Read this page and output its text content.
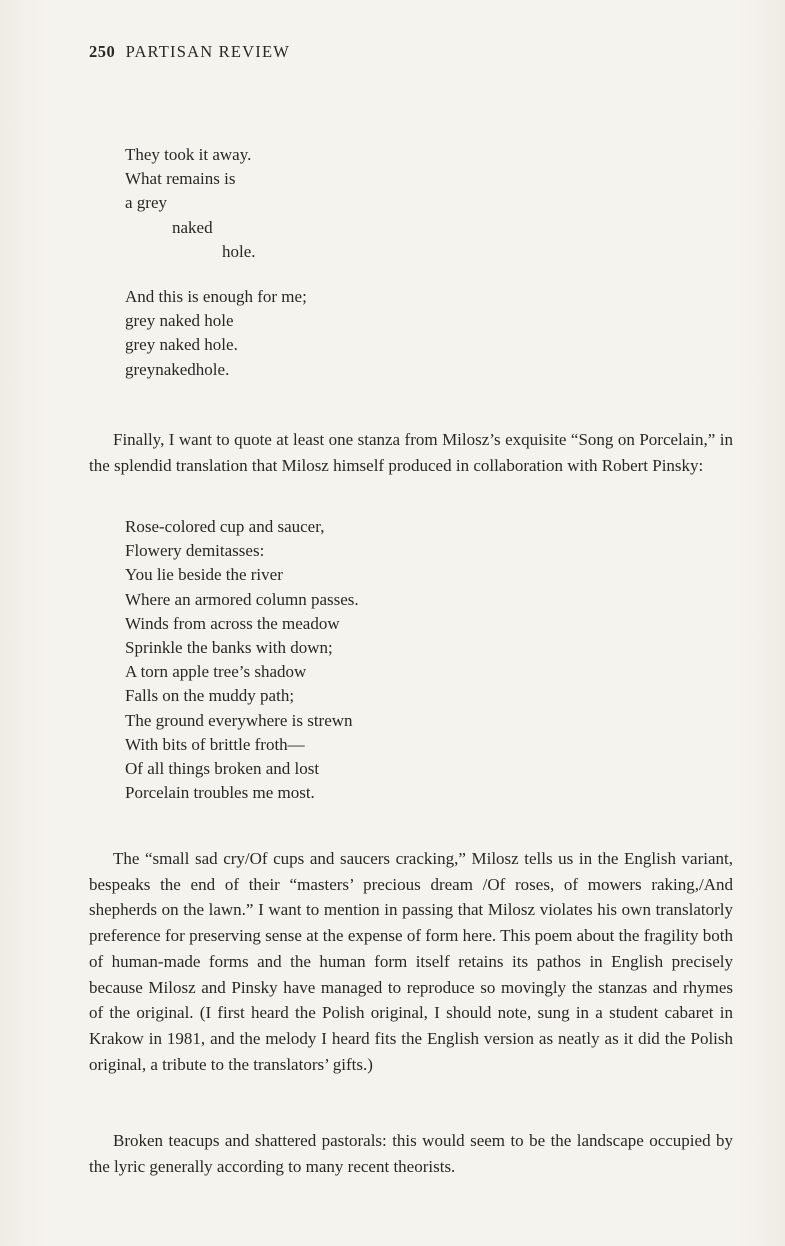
250 PARTISAN REVIEW
They took it away.
What remains is
a grey
naked
hole.
And this is enough for me;
grey naked hole
grey naked hole.
greynakedhole.

Finally, I want to quote at least one stanza from Milosz’s exquisite “Song on Porcelain,” in the splendid translation that Milosz himself produced in collaboration with Robert Pinsky:

Rose-colored cup and saucer,
Flowery demitasses:
You lie beside the river
Where an armored column passes.
Winds from across the meadow
Sprinkle the banks with down;
A torn apple tree’s shadow
Falls on the muddy path;
The ground everywhere is strewn
With bits of brittle froth—
Of all things broken and lost
Porcelain troubles me most.

The “small sad cry/Of cups and saucers cracking,” Milosz tells us in the English variant, bespeaks the end of their “masters’ precious dream /Of roses, of mowers raking,/And shepherds on the lawn.” I want to mention in passing that Milosz violates his own translatorly preference for preserving sense at the expense of form here. This poem about the fragility both of human-made forms and the human form itself retains its pathos in English precisely because Milosz and Pinsky have managed to reproduce so movingly the stanzas and rhymes of the original. (I first heard the Polish original, I should note, sung in a student cabaret in Krakow in 1981, and the melody I heard fits the English version as neatly as it did the Polish original, a tribute to the translators’ gifts.)

Broken teacups and shattered pastorals: this would seem to be the landscape occupied by the lyric generally according to many recent theorists.
